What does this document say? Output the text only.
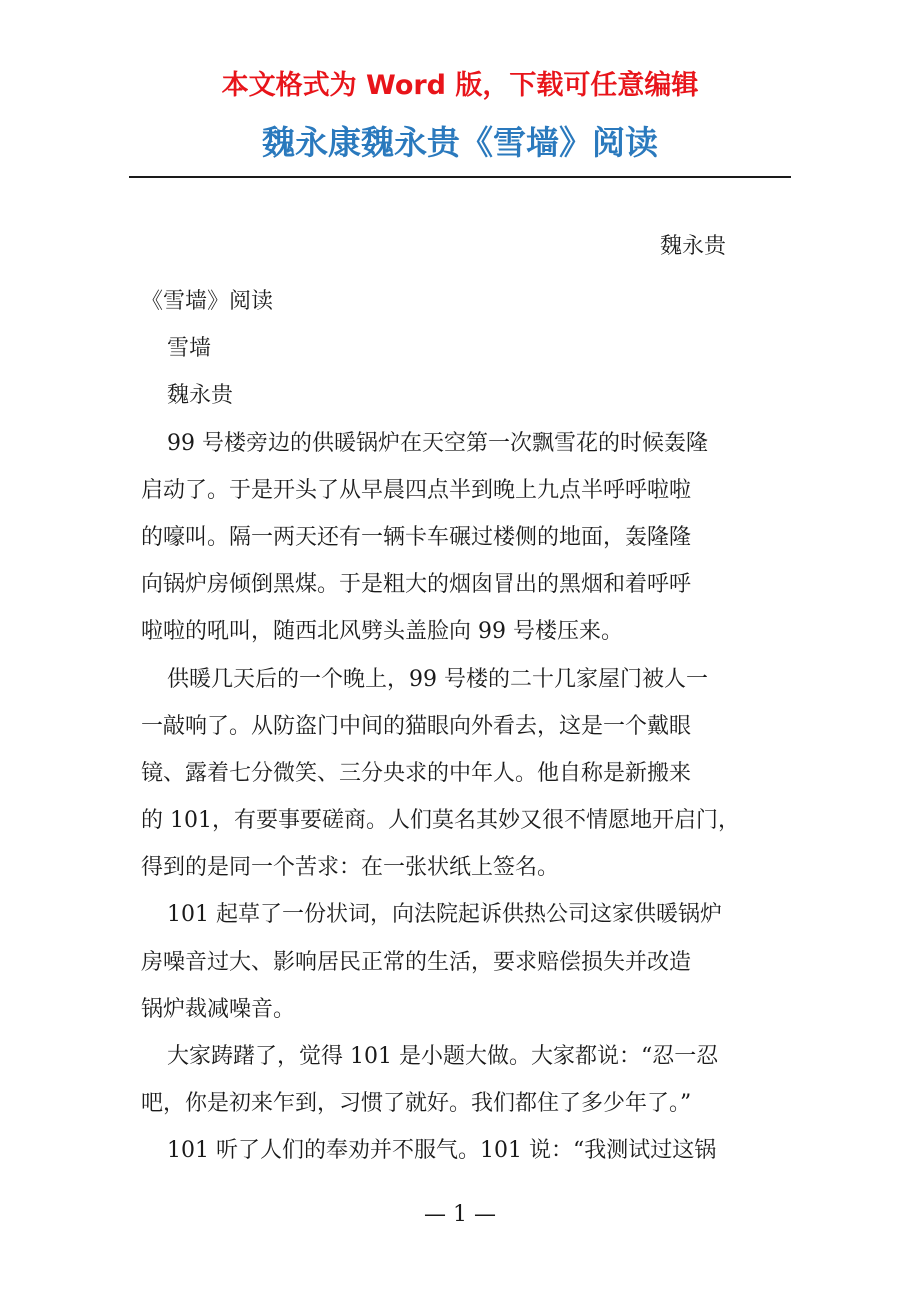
本文格式为 Word 版，下载可任意编辑
魏永康魏永贵《雪墙》阅读
魏永贵
《雪墙》阅读
雪墙
魏永贵
99 号楼旁边的供暖锅炉在天空第一次飘雪花的时候轰隆
启动了。于是开头了从早晨四点半到晚上九点半呼呼啦啦
的嚎叫。隔一两天还有一辆卡车碾过楼侧的地面，轰隆隆
向锅炉房倾倒黑煤。于是粗大的烟囱冒出的黑烟和着呼呼
啦啦的吼叫，随西北风劈头盖脸向 99 号楼压来。
供暖几天后的一个晚上，99 号楼的二十几家屋门被人一
一敲响了。从防盗门中间的猫眼向外看去，这是一个戴眼
镜、露着七分微笑、三分央求的中年人。他自称是新搬来
的 101，有要事要磋商。人们莫名其妙又很不情愿地开启门，
得到的是同一个苦求：在一张状纸上签名。
101 起草了一份状词，向法院起诉供热公司这家供暖锅炉
房噪音过大、影响居民正常的生活，要求赔偿损失并改造
锅炉裁减噪音。
大家踌躇了，觉得 101 是小题大做。大家都说：“忍一忍
吧，你是初来乍到，习惯了就好。我们都住了多少年了。”
101 听了人们的奉劝并不服气。101 说：“我测试过这锅
— 1 —
